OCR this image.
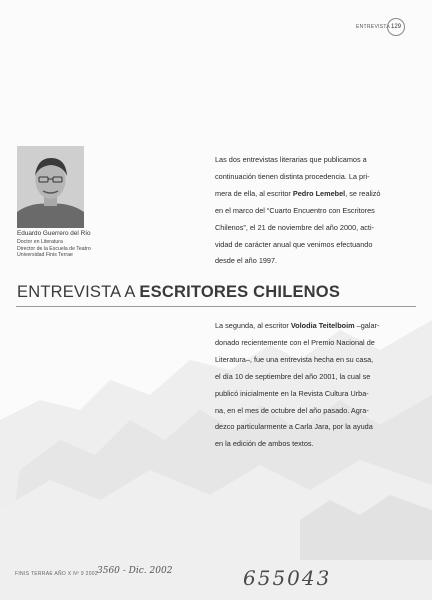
ENTREVISTA 129
Eduardo Guerrero del Río
Doctor en Literatura
Director de la Escuela de Teatro
Universidad Finis Terrae
Las dos entrevistas literarias que publicamos a
continuación tienen distinta procedencia. La pri-
mera de ella, al escritor Pedro Lemebel, se realizó
en el marco del “Cuarto Encuentro con Escritores
Chilenos”, el 21 de noviembre del año 2000, acti-
vidad de carácter anual que venimos efectuando
desde el año 1997.
ENTREVISTA A ESCRITORES CHILENOS
La segunda, al escritor Volodia Teitelboim –galar-
donado recientemente con el Premio Nacional de
Literatura–, fue una entrevista hecha en su casa,
el día 10 de septiembre del año 2001, la cual se
publicó inicialmente en la Revista Cultura Urba-
na, en el mes de octubre del año pasado. Agra-
dezco particularmente a Carla Jara, por la ayuda
en la edición de ambos textos.
FINIS TERRAE AÑO X Nº 9 2002 3560 - Dic. 2002	655043
